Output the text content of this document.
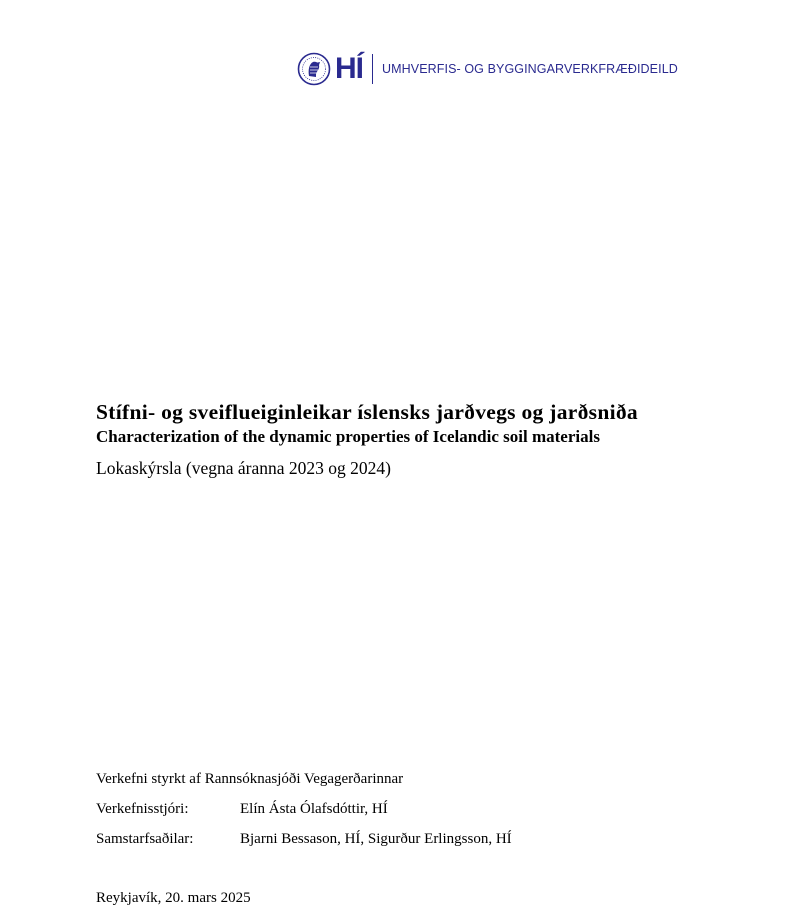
HÍ UMHVERFIS- OG BYGGINGARVERKFRÆÐIDEILD
Stífni- og sveiflueiginleikar íslensks jarðvegs og jarðsniða
Characterization of the dynamic properties of Icelandic soil materials
Lokaskýrsla (vegna áranna 2023 og 2024)
Verkefni styrkt af Rannsóknasjóði Vegagerðarinnar
Verkefnisstjóri:	Elín Ásta Ólafsdóttir, HÍ
Samstarfsaðilar:	Bjarni Bessason, HÍ, Sigurður Erlingsson, HÍ
Reykjavík, 20. mars 2025
